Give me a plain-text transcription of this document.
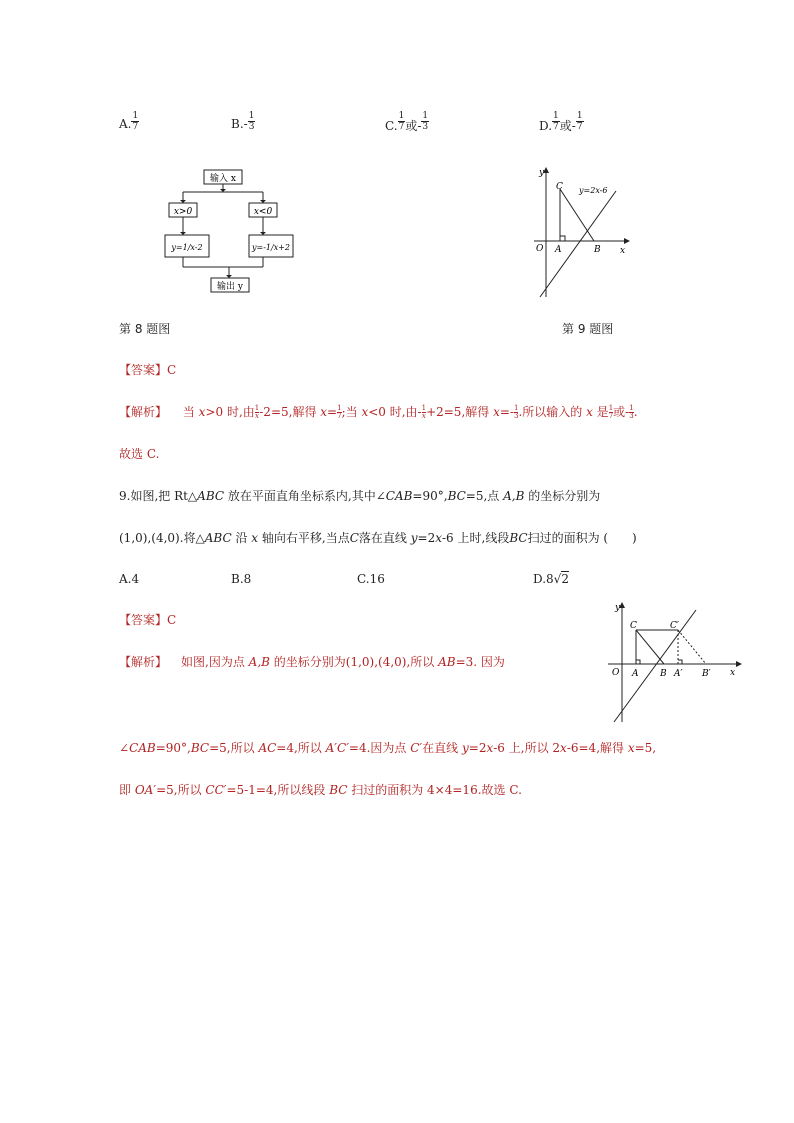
A. $\frac{1}{7}$	$B.- \frac{1}{3}$	C. $\frac{1}{7}$ 或- $\frac{1}{3}$	D. $\frac{1}{7}$ 或- $\frac{1}{7}$
输入 x
x>0	x<0
y=1/x-2	y=-1/x+2
输出 y
y
x
O A	B
C y=2x-6
第 8 题图	第 9 题图
【答案】C
【解析】 当 x>0 时,由$\frac{1}{x}-2=5$,解得 $x=\frac{1}{7}$;当 x<0 时,由$-\frac{1}{x}+2=5$,解得 $x=-\frac{1}{3}$.所以输入的 x 是$\frac{1}{7}$或$-\frac{1}{3}$.
故选 C.
9.如图,把 Rt△ABC 放在平面直角坐标系内,其中∠CAB=90°,BC=5,点 A,B 的坐标分别为
(1,0),(4,0).将△ABC 沿 x 轴向右平移,当点C落在直线 y=2x-6 上时,线段BC扫过的面积为 (　　)
A.4	B.8	C.16	D.8√2
【答案】C
【解析】 如图,因为点 A,B 的坐标分别为(1,0),(4,0),所以 AB=3. 因为
y
x
O A B A′ B′
C	C′
∠CAB=90°,BC=5,所以 AC=4,所以 A′C′=4.因为点 C′在直线 y=2x-6 上,所以 2x-6=4,解得 x=5,
即 OA′=5,所以 CC′=5-1=4,所以线段 BC 扫过的面积为 4×4=16.故选 C.
